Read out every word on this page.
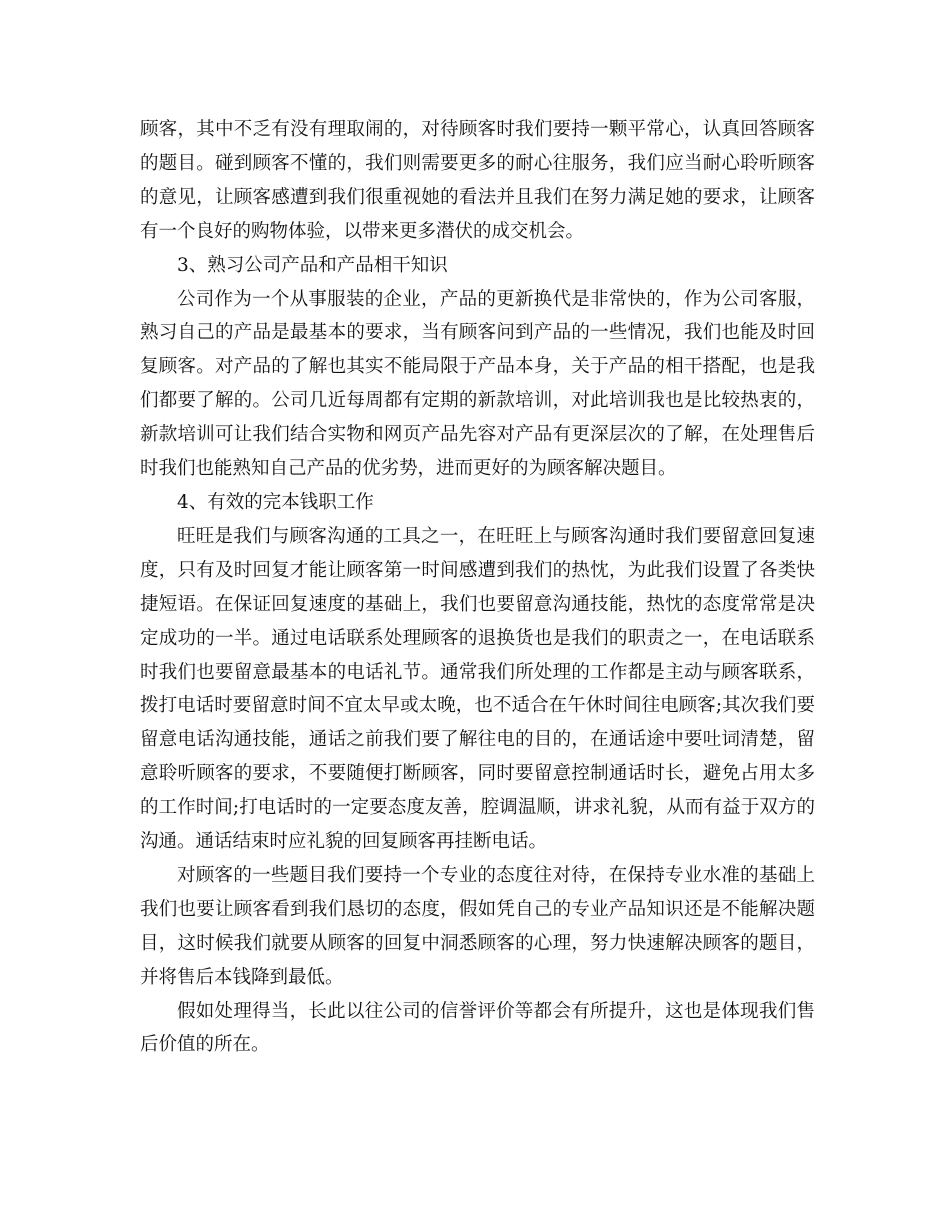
顾客，其中不乏有没有理取闹的，对待顾客时我们要持一颗平常心，认真回答顾客的题目。碰到顾客不懂的，我们则需要更多的耐心往服务，我们应当耐心聆听顾客的意见，让顾客感遭到我们很重视她的看法并且我们在努力满足她的要求，让顾客有一个良好的购物体验，以带来更多潜伏的成交机会。

3、熟习公司产品和产品相干知识

公司作为一个从事服装的企业，产品的更新换代是非常快的，作为公司客服，熟习自己的产品是最基本的要求，当有顾客问到产品的一些情况，我们也能及时回复顾客。对产品的了解也其实不能局限于产品本身，关于产品的相干搭配，也是我们都要了解的。公司几近每周都有定期的新款培训，对此培训我也是比较热衷的，新款培训可让我们结合实物和网页产品先容对产品有更深层次的了解，在处理售后时我们也能熟知自己产品的优劣势，进而更好的为顾客解决题目。

4、有效的完本钱职工作

旺旺是我们与顾客沟通的工具之一，在旺旺上与顾客沟通时我们要留意回复速度，只有及时回复才能让顾客第一时间感遭到我们的热忱，为此我们设置了各类快捷短语。在保证回复速度的基础上，我们也要留意沟通技能，热忱的态度常常是决定成功的一半。通过电话联系处理顾客的退换货也是我们的职责之一，在电话联系时我们也要留意最基本的电话礼节。通常我们所处理的工作都是主动与顾客联系，拨打电话时要留意时间不宜太早或太晚，也不适合在午休时间往电顾客;其次我们要留意电话沟通技能，通话之前我们要了解往电的目的，在通话途中要吐词清楚，留意聆听顾客的要求，不要随便打断顾客，同时要留意控制通话时长，避免占用太多的工作时间;打电话时的一定要态度友善，腔调温顺，讲求礼貌，从而有益于双方的沟通。通话结束时应礼貌的回复顾客再挂断电话。

对顾客的一些题目我们要持一个专业的态度往对待，在保持专业水准的基础上我们也要让顾客看到我们恳切的态度，假如凭自己的专业产品知识还是不能解决题目，这时候我们就要从顾客的回复中洞悉顾客的心理，努力快速解决顾客的题目，并将售后本钱降到最低。

假如处理得当，长此以往公司的信誉评价等都会有所提升，这也是体现我们售后价值的所在。
